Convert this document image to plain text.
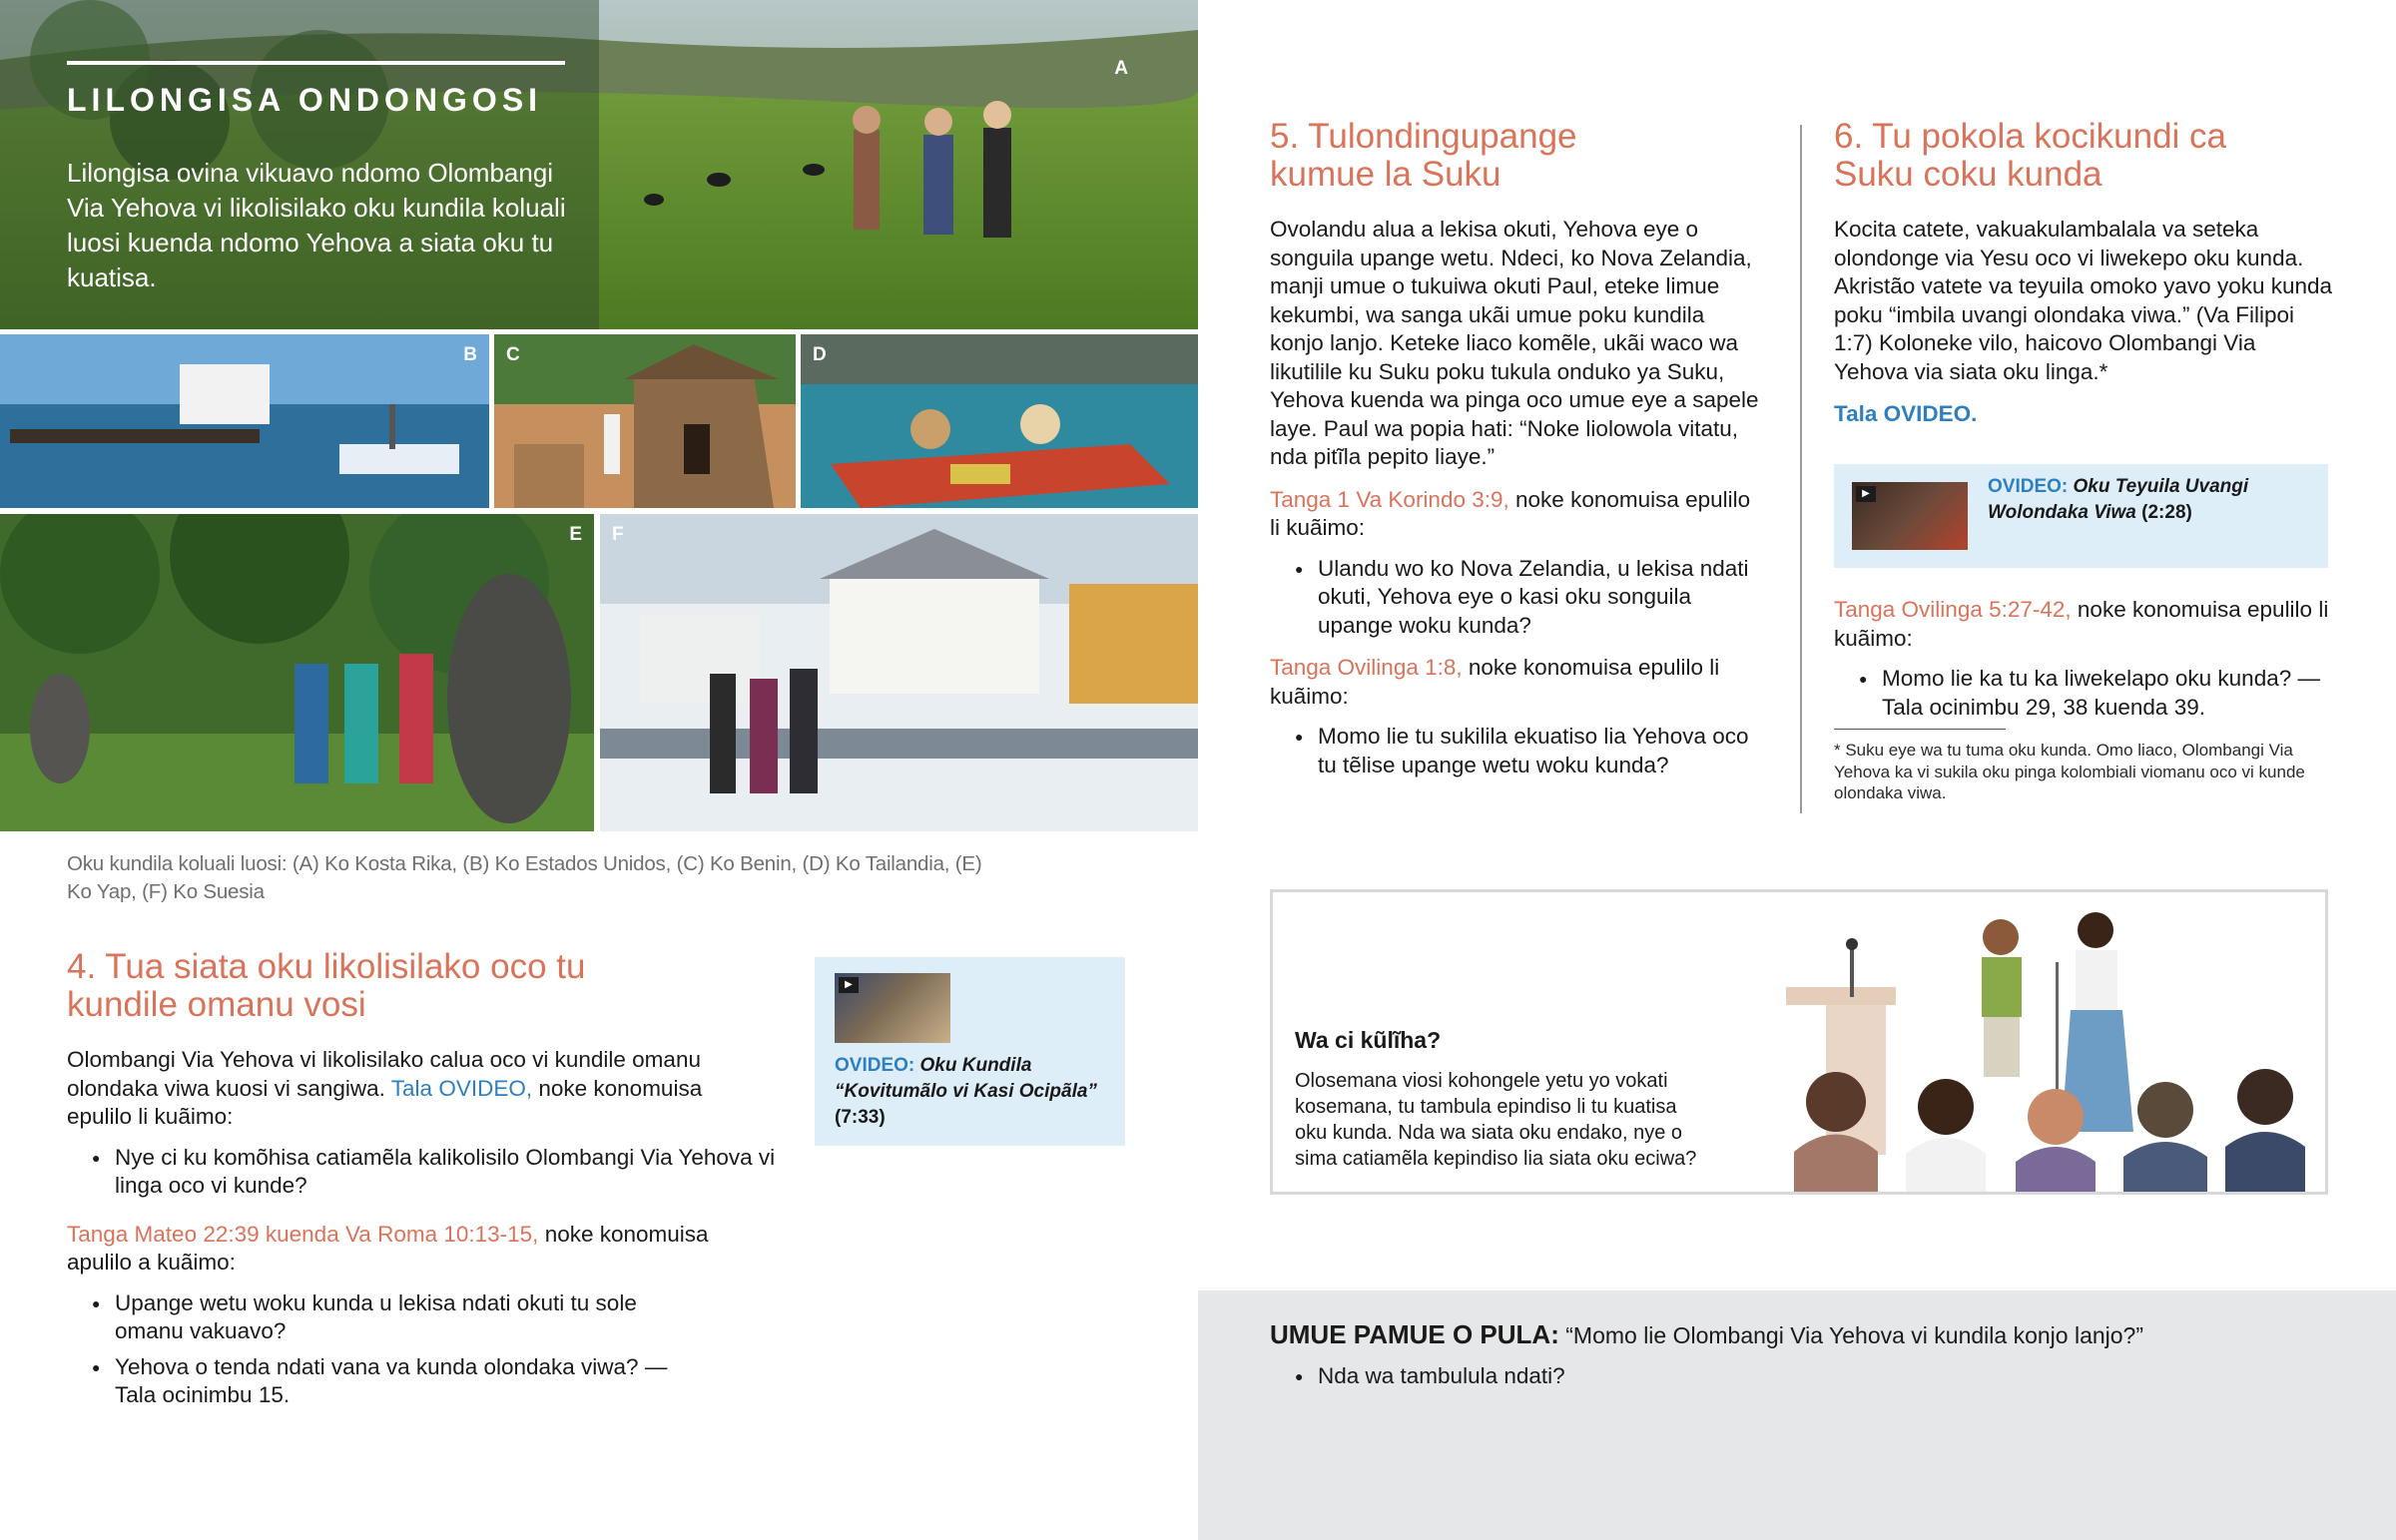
A
LILONGISA ONDONGOSI
Lilongisa ovina vikuavo ndomo Olombangi Via Yehova vi likolisilako oku kundila koluali luosi kuenda ndomo Yehova a siata oku tu kuatisa.
B C	D
E F
Oku kundila koluali luosi: (A) Ko Kosta Rika, (B) Ko Estados Unidos, (C) Ko Benin, (D) Ko Tailandia, (E) Ko Yap, (F) Ko Suesia
4. Tua siata oku likolisilako oco tu kundile omanu vosi
Olombangi Via Yehova vi likolisilako calua oco vi kundile omanu olondaka viwa kuosi vi sangiwa. Tala OVIDEO, noke konomuisa epulilo li kuãimo:
● Nye ci ku komõhisa catiamẽla kalikolisilo Olombangi Via Yehova vi linga oco vi kunde?
Tanga Mateo 22:39 kuenda Va Roma 10:13-15, noke konomuisa apulilo a kuãimo:
● Upange wetu woku kunda u lekisa ndati okuti tu sole omanu vakuavo?
● Yehova o tenda ndati vana va kunda olondaka viwa? —Tala ocinimbu 15.
▶
OVIDEO: Oku Kundila “Kovitumãlo vi Kasi Ocipãla” (7:33)
5. Tulondingupange kumue la Suku
Ovolandu alua a lekisa okuti, Yehova eye o songuila upange wetu. Ndeci, ko Nova Zelandia, manji umue o tukuiwa okuti Paul, eteke limue kekumbi, wa sanga ukãi umue poku kundila konjo lanjo. Keteke liaco komẽle, ukãi waco wa likutilile ku Suku poku tukula onduko ya Suku, Yehova kuenda wa pinga oco umue eye a sapele laye. Paul wa popia hati: “Noke liolowola vitatu, nda pitĩla pepito liaye.”
Tanga 1 Va Korindo 3:9, noke konomuisa epulilo li kuãimo:
● Ulandu wo ko Nova Zelandia, u lekisa ndati okuti, Yehova eye o kasi oku songuila upange woku kunda?
Tanga Ovilinga 1:8, noke konomuisa epulilo li kuãimo:
● Momo lie tu sukilila ekuatiso lia Yehova oco tu tẽlise upange wetu woku kunda?
6. Tu pokola kocikundi ca Suku coku kunda
Kocita catete, vakuakulambalala va seteka olondonge via Yesu oco vi liwekepo oku kunda. Akristão vatete va teyuila omoko yavo yoku kunda poku “imbila uvangi olondaka viwa.” (Va Filipoi 1:7) Koloneke vilo, haicovo Olombangi Via Yehova via siata oku linga.*
Tala OVIDEO.
▶	OVIDEO: Oku Teyuila Uvangi Wolondaka Viwa (2:28)
Tanga Ovilinga 5:27-42, noke konomuisa epulilo li kuãimo:
● Momo lie ka tu ka liwekelapo oku kunda? —Tala ocinimbu 29, 38 kuenda 39.
* Suku eye wa tu tuma oku kunda. Omo liaco, Olombangi Via Yehova ka vi sukila oku pinga kolombiali viomanu oco vi kunde olondaka viwa.
Wa ci kũlĩha?
Olosemana viosi kohongele yetu yo vokati kosemana, tu tambula epindiso li tu kuatisa oku kunda. Nda wa siata oku endako, nye o sima catiamẽla kepindiso lia siata oku eciwa?
UMUE PAMUE O PULA: “Momo lie Olombangi Via Yehova vi kundila konjo lanjo?”
● Nda wa tambulula ndati?
